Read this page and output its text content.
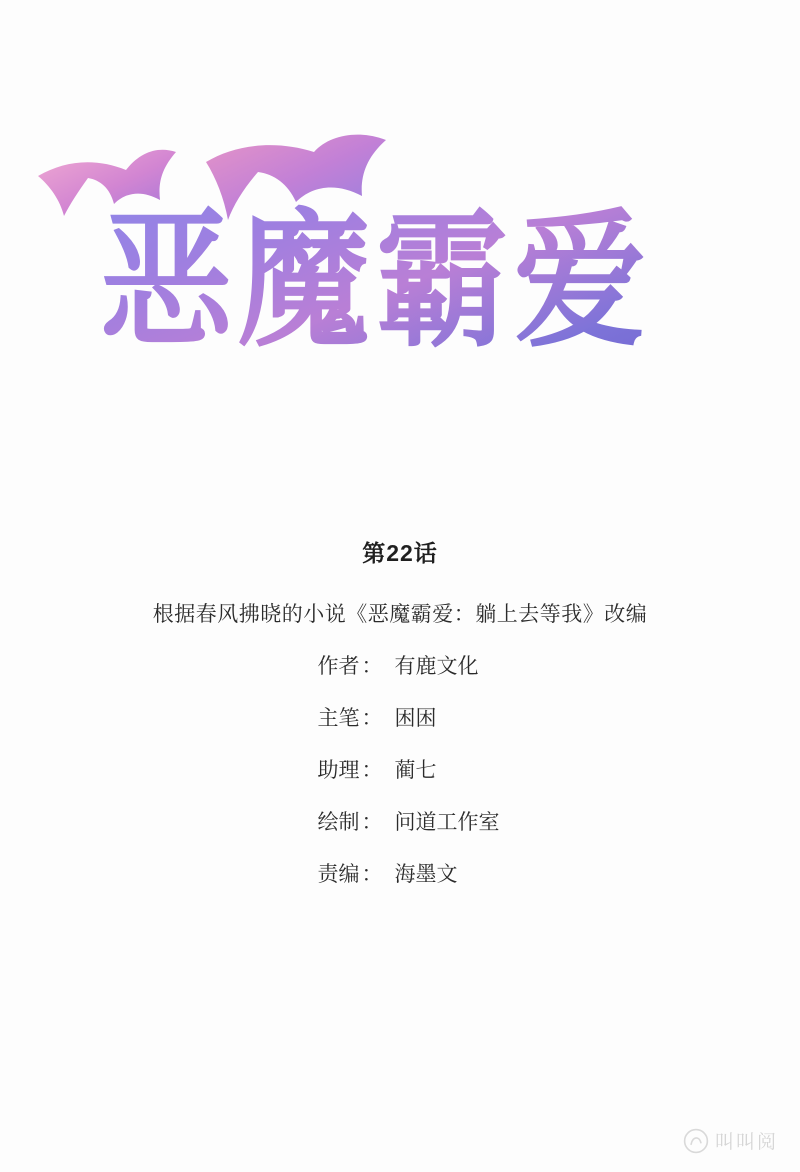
恶魔霸爱
第22话
根据春风拂晓的小说《恶魔霸爱：躺上去等我》改编
作者 ： 有鹿文化
主笔 ： 困困
助理 ： 蔺七
绘制 ： 问道工作室
责编 ： 海墨文
叫叫阅
